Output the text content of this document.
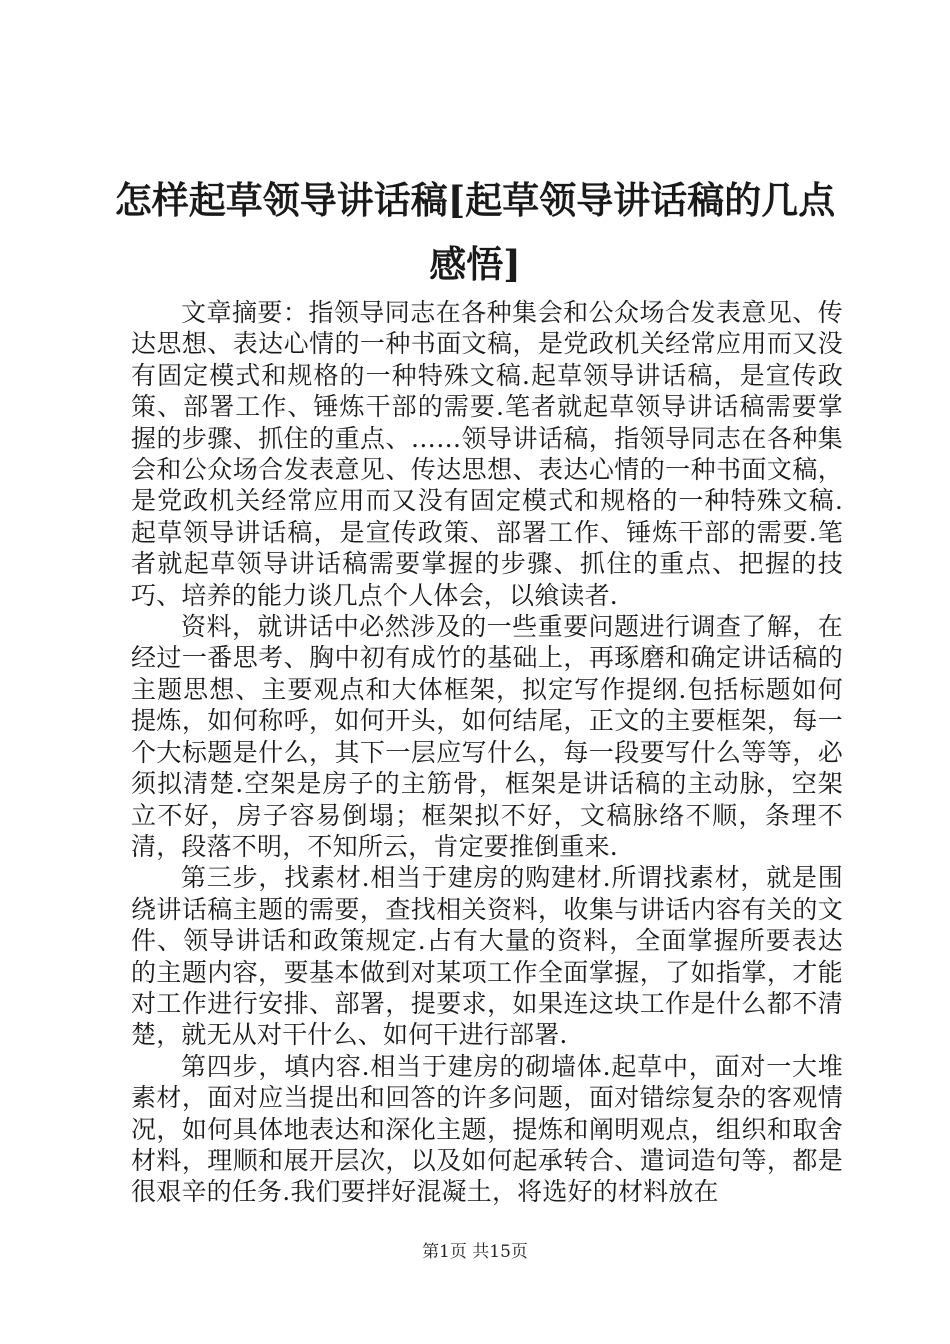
怎样起草领导讲话稿[起草领导讲话稿的几点感悟]

文章摘要：指领导同志在各种集会和公众场合发表意见、传达思想、表达心情的一种书面文稿，是党政机关经常应用而又没有固定模式和规格的一种特殊文稿.起草领导讲话稿，是宣传政策、部署工作、锤炼干部的需要.笔者就起草领导讲话稿需要掌握的步骤、抓住的重点、……领导讲话稿，指领导同志在各种集会和公众场合发表意见、传达思想、表达心情的一种书面文稿，是党政机关经常应用而又没有固定模式和规格的一种特殊文稿.起草领导讲话稿，是宣传政策、部署工作、锤炼干部的需要.笔者就起草领导讲话稿需要掌握的步骤、抓住的重点、把握的技巧、培养的能力谈几点个人体会，以飨读者.

资料，就讲话中必然涉及的一些重要问题进行调查了解，在经过一番思考、胸中初有成竹的基础上，再琢磨和确定讲话稿的主题思想、主要观点和大体框架，拟定写作提纲.包括标题如何提炼，如何称呼，如何开头，如何结尾，正文的主要框架，每一个大标题是什么，其下一层应写什么，每一段要写什么等等，必须拟清楚.空架是房子的主筋骨，框架是讲话稿的主动脉，空架立不好，房子容易倒塌；框架拟不好，文稿脉络不顺，条理不清，段落不明，不知所云，肯定要推倒重来.

第三步，找素材.相当于建房的购建材.所谓找素材，就是围绕讲话稿主题的需要，查找相关资料，收集与讲话内容有关的文件、领导讲话和政策规定.占有大量的资料，全面掌握所要表达的主题内容，要基本做到对某项工作全面掌握，了如指掌，才能对工作进行安排、部署，提要求，如果连这块工作是什么都不清楚，就无从对干什么、如何干进行部署.

第四步，填内容.相当于建房的砌墙体.起草中，面对一大堆素材，面对应当提出和回答的许多问题，面对错综复杂的客观情况，如何具体地表达和深化主题，提炼和阐明观点，组织和取舍材料，理顺和展开层次，以及如何起承转合、遣词造句等，都是很艰辛的任务.我们要拌好混凝土，将选好的材料放在

第1页 共15页
